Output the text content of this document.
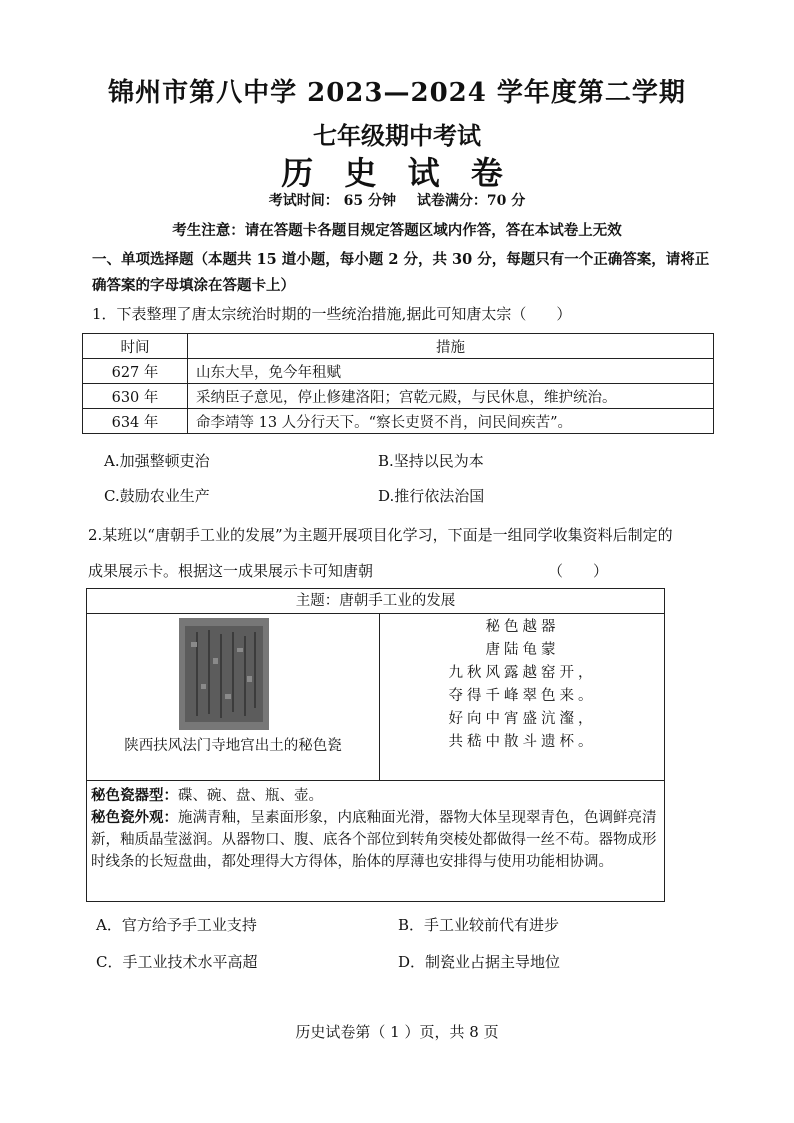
锦州市第八中学 2023—2024 学年度第二学期
七年级期中考试
历 史 试 卷
考试时间： 65 分钟 试卷满分：70 分
考生注意：请在答题卡各题目规定答题区域内作答，答在本试卷上无效
一、单项选择题（本题共 15 道小题，每小题 2 分，共 30 分，每题只有一个正确答案，请将正确答案的字母填涂在答题卡上）
1．下表整理了唐太宗统治时期的一些统治措施,据此可知唐太宗（　　）
时间	措施
627 年	山东大旱，免今年租赋
630 年	采纳臣子意见，停止修建洛阳；宫乾元殿，与民休息，维护统治。
634 年	命李靖等 13 人分行天下。“察长吏贤不肖，问民间疾苦”。
A.加强整顿吏治	B.坚持以民为本
C.鼓励农业生产	D.推行依法治国
2.某班以“唐朝手工业的发展”为主题开展项目化学习，下面是一组同学收集资料后制定的
成果展示卡。根据这一成果展示卡可知唐朝	（　　）
主题：唐朝手工业的发展
陕西扶风法门寺地宫出土的秘色瓷
秘色越器
唐陆龟蒙
九秋风露越窑开，
夺得千峰翠色来。
好向中宵盛沆瀣，
共嵇中散斗遗杯。
秘色瓷器型：碟、碗、盘、瓶、壶。
秘色瓷外观：施满青釉，呈素面形象，内底釉面光滑，器物大体呈现翠青色，色调鲜亮清新，釉质晶莹滋润。从器物口、腹、底各个部位到转角突棱处都做得一丝不苟。器物成形时线条的长短盘曲，都处理得大方得体，胎体的厚薄也安排得与使用功能相协调。
A．官方给予手工业支持	B．手工业较前代有进步
C．手工业技术水平高超	D．制瓷业占据主导地位
历史试卷第（ 1 ）页，共 8 页
